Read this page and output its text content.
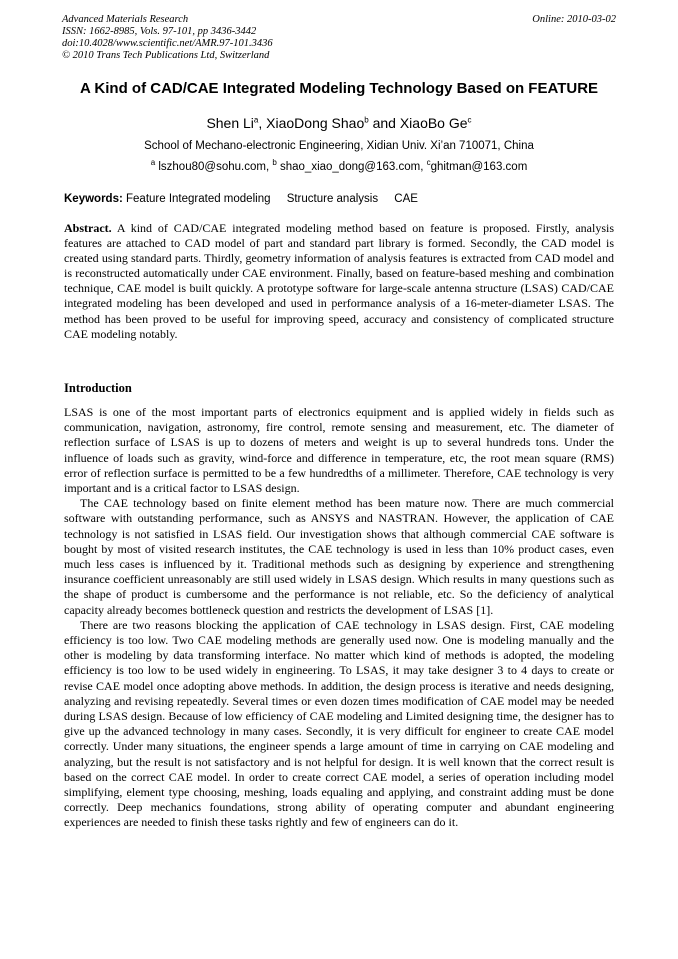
Advanced Materials Research
ISSN: 1662-8985, Vols. 97-101, pp 3436-3442
doi:10.4028/www.scientific.net/AMR.97-101.3436
© 2010 Trans Tech Publications Ltd, Switzerland
Online: 2010-03-02
A Kind of CAD/CAE Integrated Modeling Technology Based on FEATURE
Shen Li$^a$, XiaoDong Shao$^b$ and XiaoBo Ge$^c$
School of Mechano-electronic Engineering, Xidian Univ. Xi’an 710071, China
$^a$ lszhou80@sohu.com, $^b$ shao_xiao_dong@163.com, $^c$ghitman@163.com
Keywords: Feature Integrated modeling Structure analysis CAE

Abstract. A kind of CAD/CAE integrated modeling method based on feature is proposed. Firstly, analysis features are attached to CAD model of part and standard part library is formed. Secondly, the CAD model is created using standard parts. Thirdly, geometry information of analysis features is extracted from CAD model and is reconstructed automatically under CAE environment. Finally, based on feature-based meshing and combination technique, CAE model is built quickly. A prototype software for large-scale antenna structure (LSAS) CAD/CAE integrated modeling has been developed and used in performance analysis of a 16-meter-diameter LSAS. The method has been proved to be useful for improving speed, accuracy and consistency of complicated structure CAE modeling notably.

Introduction

LSAS is one of the most important parts of electronics equipment and is applied widely in fields such as communication, navigation, astronomy, fire control, remote sensing and measurement, etc. The diameter of reflection surface of LSAS is up to dozens of meters and weight is up to several hundreds tons. Under the influence of loads such as gravity, wind-force and difference in temperature, etc, the root mean square (RMS) error of reflection surface is permitted to be a few hundredths of a millimeter. Therefore, CAE technology is very important and is a critical factor to LSAS design.

The CAE technology based on finite element method has been mature now. There are much commercial software with outstanding performance, such as ANSYS and NASTRAN. However, the application of CAE technology is not satisfied in LSAS field. Our investigation shows that although commercial CAE software is bought by most of visited research institutes, the CAE technology is used in less than 10% product cases, even much less cases is influenced by it. Traditional methods such as designing by experience and strengthening insurance coefficient unreasonably are still used widely in LSAS design. Which results in many questions such as the shape of product is cumbersome and the performance is not reliable, etc. So the deficiency of analytical capacity already becomes bottleneck question and restricts the development of LSAS [1].

There are two reasons blocking the application of CAE technology in LSAS design. First, CAE modeling efficiency is too low. Two CAE modeling methods are generally used now. One is modeling manually and the other is modeling by data transforming interface. No matter which kind of methods is adopted, the modeling efficiency is too low to be used widely in engineering. To LSAS, it may take designer 3 to 4 days to create or revise CAE model once adopting above methods. In addition, the design process is iterative and needs designing, analyzing and revising repeatedly. Several times or even dozen times modification of CAE model may be needed during LSAS design. Because of low efficiency of CAE modeling and Limited designing time, the designer has to give up the advanced technology in many cases. Secondly, it is very difficult for engineer to create CAE model correctly. Under many situations, the engineer spends a large amount of time in carrying on CAE modeling and analyzing, but the result is not satisfactory and is not helpful for design. It is well known that the correct result is based on the correct CAE model. In order to create correct CAE model, a series of operation including model simplifying, element type choosing, meshing, loads equaling and applying, and constraint adding must be done correctly. Deep mechanics foundations, strong ability of operating computer and abundant engineering experiences are needed to finish these tasks rightly and few of engineers can do it.
